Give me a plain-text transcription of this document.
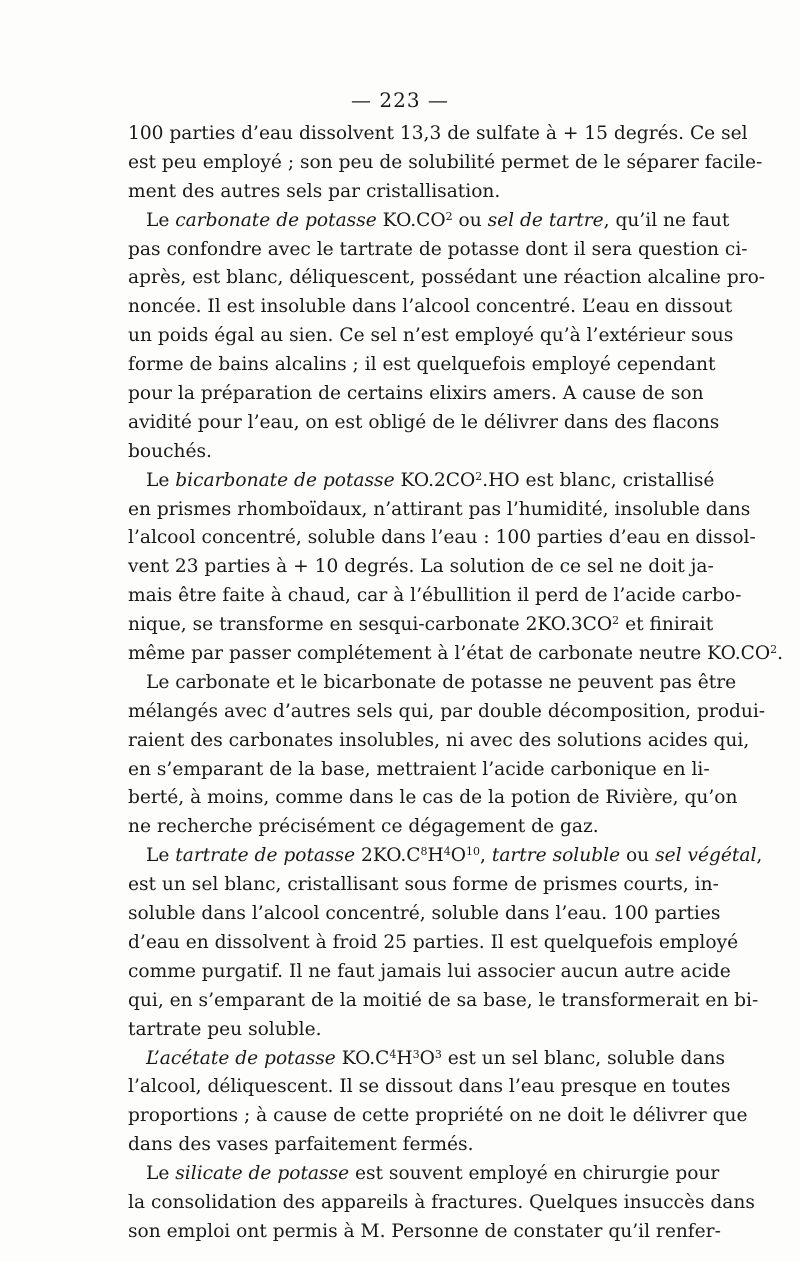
— 223 —
100 parties d’eau dissolvent 13,3 de sulfate à + 15 degrés. Ce sel
est peu employé ; son peu de solubilité permet de le séparer facile-
ment des autres sels par cristallisation.
Le carbonate de potasse $KO.CO^2$ ou sel de tartre, qu’il ne faut
pas confondre avec le tartrate de potasse dont il sera question ci-
après, est blanc, déliquescent, possédant une réaction alcaline pro-
noncée. Il est insoluble dans l’alcool concentré. L’eau en dissout
un poids égal au sien. Ce sel n’est employé qu’à l’extérieur sous
forme de bains alcalins ; il est quelquefois employé cependant
pour la préparation de certains elixirs amers. A cause de son
avidité pour l’eau, on est obligé de le délivrer dans des flacons
bouchés.
Le bicarbonate de potasse $KO.2CO^2.HO$ est blanc, cristallisé
en prismes rhomboïdaux, n’attirant pas l’humidité, insoluble dans
l’alcool concentré, soluble dans l’eau : 100 parties d’eau en dissol-
vent 23 parties à + 10 degrés. La solution de ce sel ne doit ja-
mais être faite à chaud, car à l’ébullition il perd de l’acide carbo-
nique, se transforme en sesqui-carbonate $2KO.3CO^2$ et finirait
même par passer complétement à l’état de carbonate neutre $KO.CO^2$.
Le carbonate et le bicarbonate de potasse ne peuvent pas être
mélangés avec d’autres sels qui, par double décomposition, produi-
raient des carbonates insolubles, ni avec des solutions acides qui,
en s’emparant de la base, mettraient l’acide carbonique en li-
berté, à moins, comme dans le cas de la potion de Rivière, qu’on
ne recherche précisément ce dégagement de gaz.
Le tartrate de potasse $2KO.C^8H^4O^{10}$, tartre soluble ou sel végétal,
est un sel blanc, cristallisant sous forme de prismes courts, in-
soluble dans l’alcool concentré, soluble dans l’eau. 100 parties
d’eau en dissolvent à froid 25 parties. Il est quelquefois employé
comme purgatif. Il ne faut jamais lui associer aucun autre acide
qui, en s’emparant de la moitié de sa base, le transformerait en bi-
tartrate peu soluble.
L’acétate de potasse $KO.C^4H^3O^3$ est un sel blanc, soluble dans
l’alcool, déliquescent. Il se dissout dans l’eau presque en toutes
proportions ; à cause de cette propriété on ne doit le délivrer que
dans des vases parfaitement fermés.
Le silicate de potasse est souvent employé en chirurgie pour
la consolidation des appareils à fractures. Quelques insuccès dans
son emploi ont permis à M. Personne de constater qu’il renfer-
